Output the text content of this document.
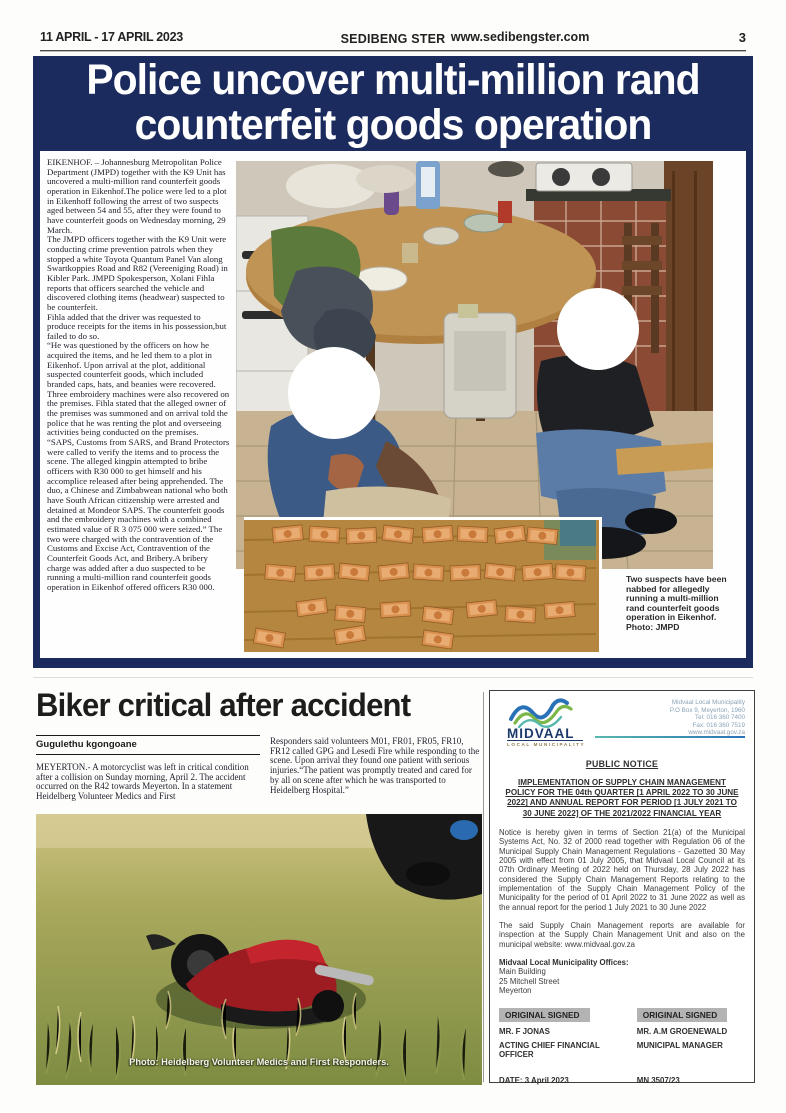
11 APRIL - 17 APRIL 2023	SEDIBENG STER www.sedibengster.com	3
Police uncover multi-million rand
counterfeit goods operation

EIKENHOF. – Johannesburg Metropolitan Police Department (JMPD) together with the K9 Unit has uncovered a multi-million rand counterfeit goods operation in Eikenhof.The police were led to a plot in Eikenhoff following the arrest of two suspects aged between 54 and 55, after they were found to have counterfeit goods on Wednesday morning, 29 March.

The JMPD officers together with the K9 Unit were conducting crime prevention patrols when they stopped a white Toyota Quantum Panel Van along Swartkoppies Road and R82 (Vereeniging Road) in Kibler Park. JMPD Spokesperson, Xolani Fihla reports that officers searched the vehicle and discovered clothing items (headwear) suspected to be counterfeit.

Fihla added that the driver was requested to produce receipts for the items in his possession,but failed to do so.

“He was questioned by the officers on how he acquired the items, and he led them to a plot in Eikenhof. Upon arrival at the plot, additional suspected counterfeit goods, which included branded caps, hats, and beanies were recovered. Three embroidery machines were also recovered on the premises. Fihla stated that the alleged owner of the premises was summoned and on arrival told the police that he was renting the plot and overseeing activities being conducted on the premises.

“SAPS, Customs from SARS, and Brand Protectors were called to verify the items and to process the scene. The alleged kingpin attempted to bribe officers with R30 000 to get himself and his accomplice released after being apprehended. The duo, a Chinese and Zimbabwean national who both have South African citizenship were arrested and detained at Mondeor SAPS. The counterfeit goods and the embroidery machines with a combined estimated value of R 3 075 000 were seized.” The two were charged with the contravention of the Customs and Excise Act, Contravention of the Counterfeit Goods Act, and Bribery.A bribery charge was added after a duo suspected to be running a multi-million rand counterfeit goods operation in Eikenhof offered officers R30 000.

Two suspects have been nabbed for allegedly running a multi-million rand counterfeit goods operation in Eikenhof. Photo: JMPD
Biker critical after accident
Gugulethu kgongoane
MEYERTON.- A motorcyclist was left in critical condition after a collision on Sunday morning, April 2. The accident occurred on the R42 towards Meyerton. In a statement Heidelberg Volunteer Medics and First
Responders said volunteers M01, FR01, FR05, FR10, FR12 called GPG and Lesedi Fire while responding to the scene. Upon arrival they found one patient with serious injuries.“The patient was promptly treated and cared for by all on scene after which he was transported to Heidelberg Hospital.”
Photo: Heidelberg Volunteer Medics and First Responders.
MIDVAAL
LOCAL MUNICIPALITY
Midvaal Local Municipality
P.O Box 9, Meyerton, 1960
Tel: 016 360 7400
Fax: 016 360 7519
www.midvaal.gov.za
PUBLIC NOTICE
IMPLEMENTATION OF SUPPLY CHAIN MANAGEMENT POLICY FOR THE 04th QUARTER [1 APRIL 2022 TO 30 JUNE 2022] AND ANNUAL REPORT FOR PERIOD [1 JULY 2021 TO 30 JUNE 2022] OF THE 2021/2022 FINANCIAL YEAR
Notice is hereby given in terms of Section 21(a) of the Municipal Systems Act, No. 32 of 2000 read together with Regulation 06 of the Municipal Supply Chain Management Regulations - Gazetted 30 May 2005 with effect from 01 July 2005, that Midvaal Local Council at its 07th Ordinary Meeting of 2022 held on Thursday, 28 July 2022 has considered the Supply Chain Management Reports relating to the implementation of the Supply Chain Management Policy of the Municipality for the period of 01 April 2022 to 31 June 2022 as well as the annual report for the period 1 July 2021 to 30 June 2022
The said Supply Chain Management reports are available for inspection at the Supply Chain Management Unit and also on the municipal website: www.midvaal.gov.za
Midvaal Local Municipality Offices:
Main Building
25 Mitchell Street
Meyerton
ORIGINAL SIGNED
MR. F JONAS
ACTING CHIEF FINANCIAL OFFICER
ORIGINAL SIGNED
MR. A.M GROENEWALD
MUNICIPAL MANAGER
DATE: 3 April 2023	MN 3507/23
